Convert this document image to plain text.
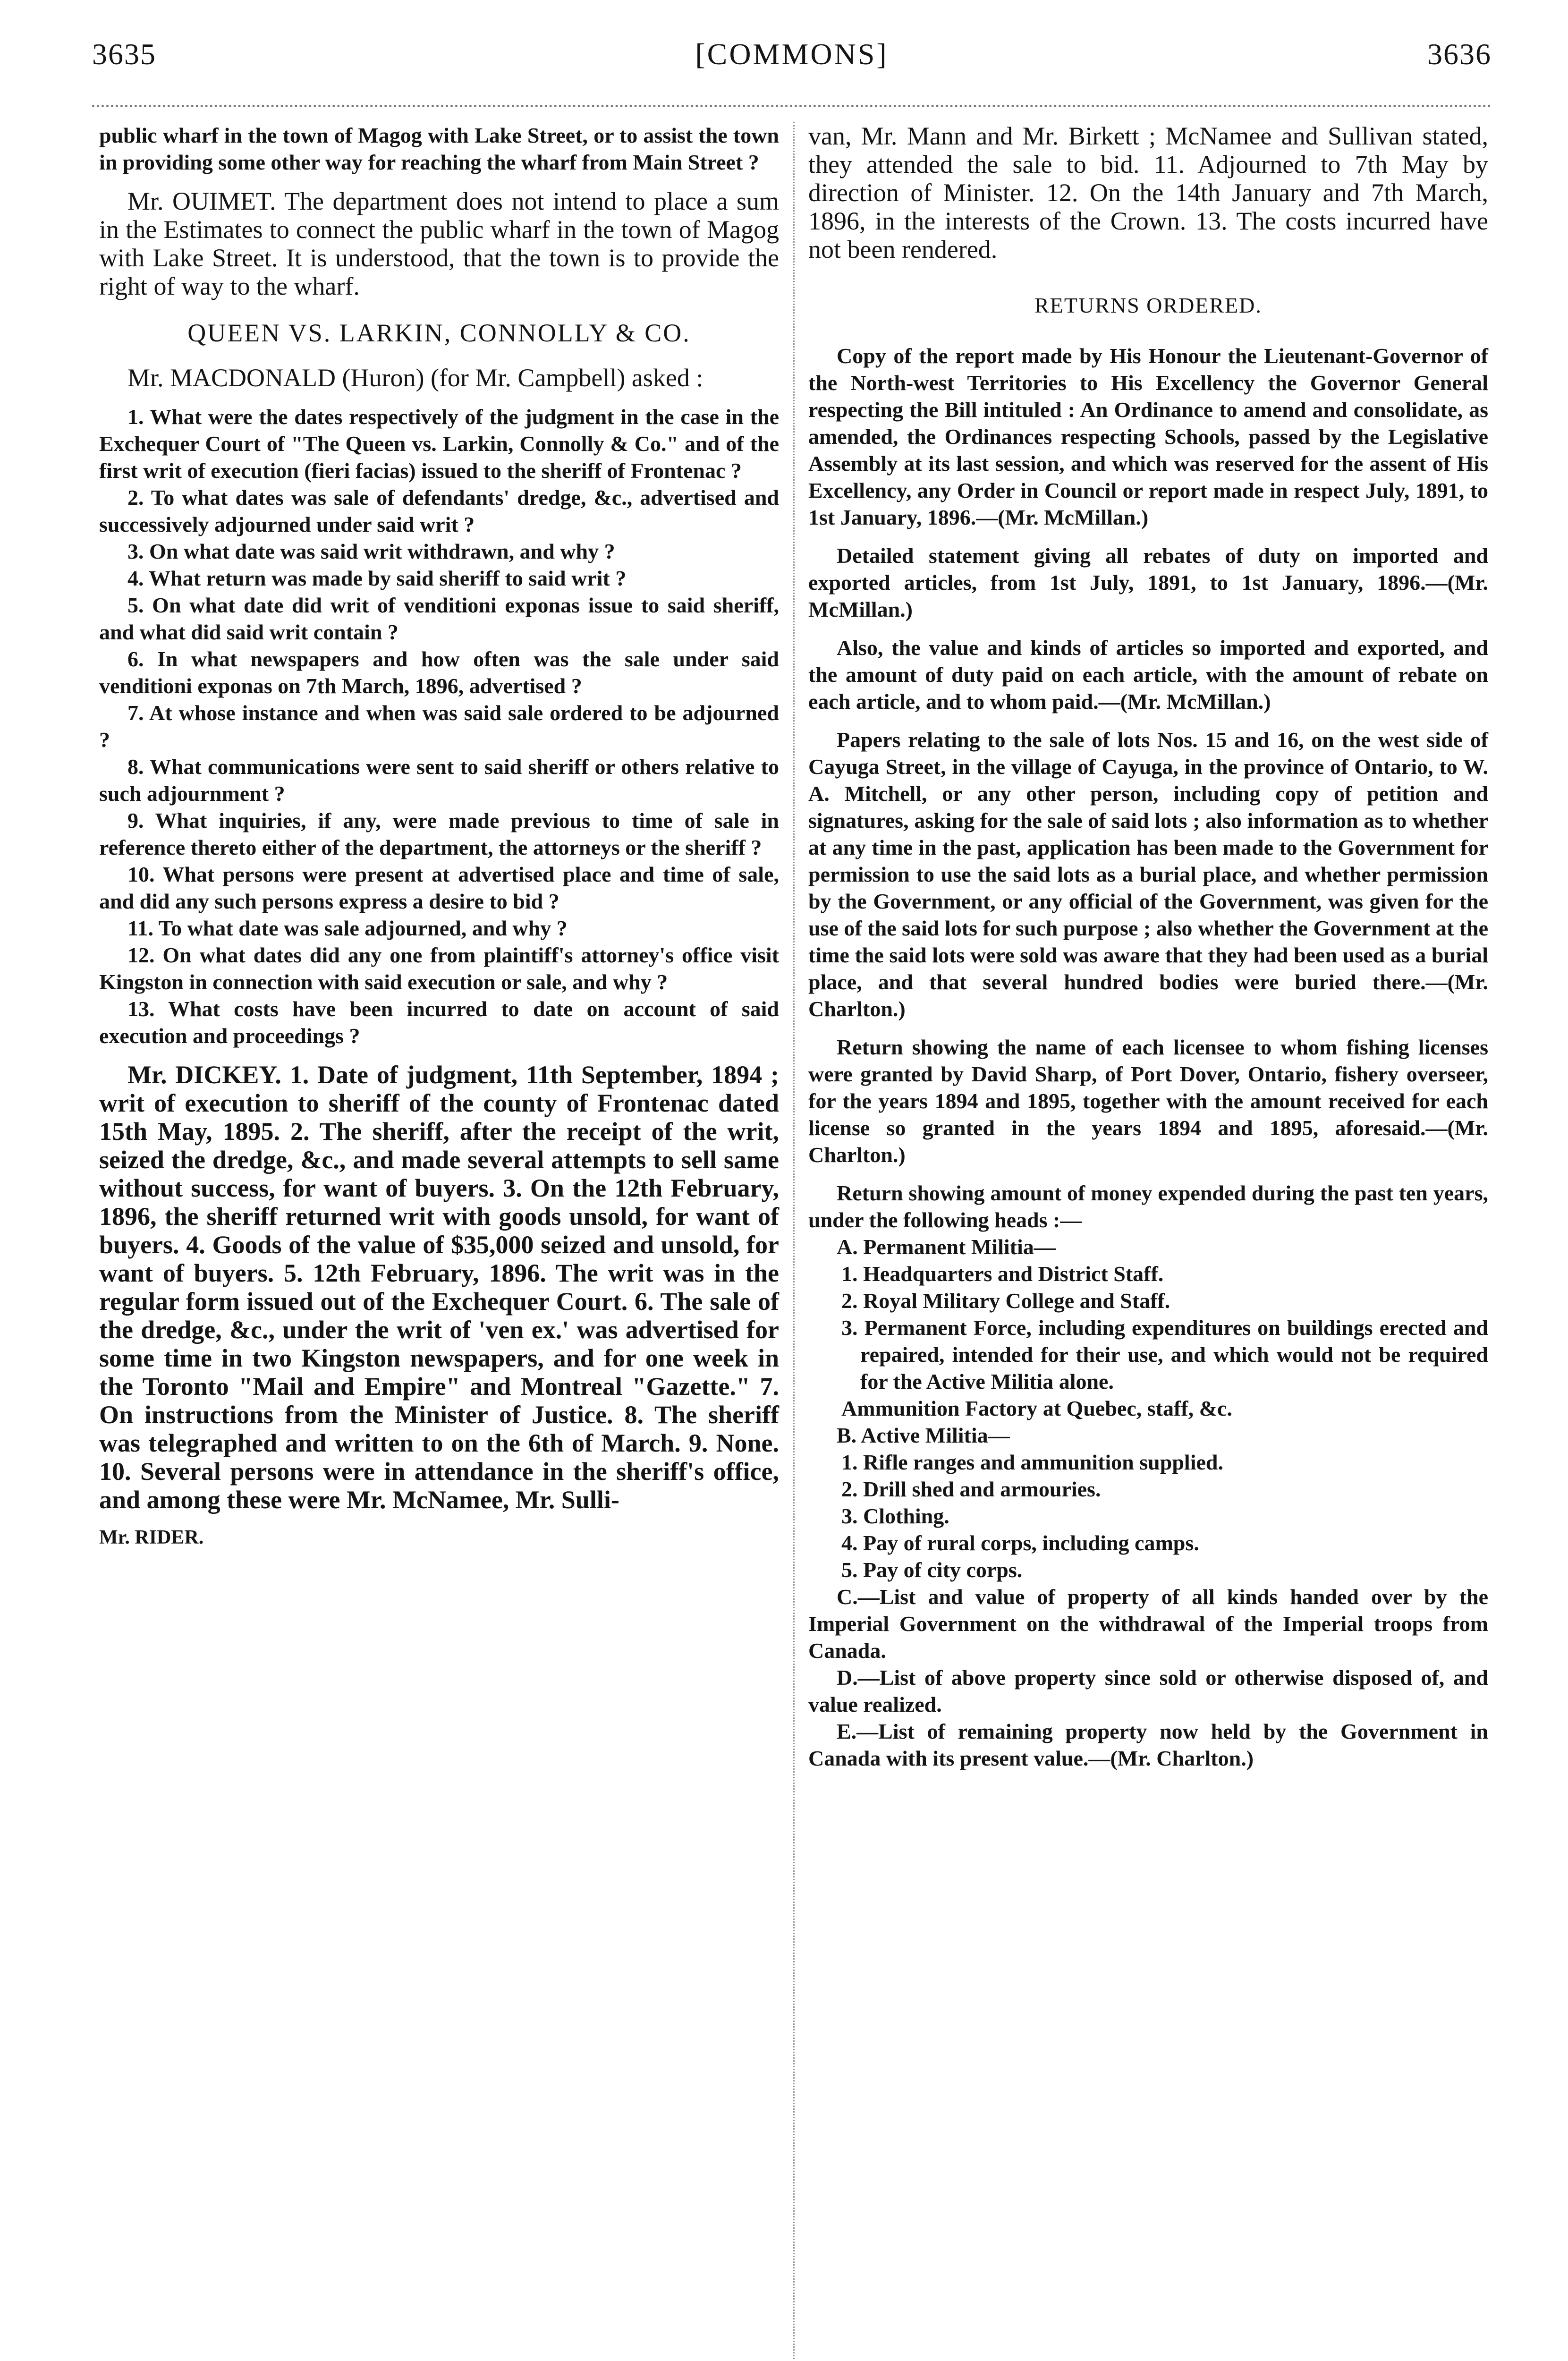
3635	[COMMONS]	3636

public wharf in the town of Magog with Lake Street, or to assist the town in providing some other way for reaching the wharf from Main Street ?

Mr. OUIMET. The department does not intend to place a sum in the Estimates to connect the public wharf in the town of Magog with Lake Street. It is understood, that the town is to provide the right of way to the wharf.

QUEEN VS. LARKIN, CONNOLLY & CO.

Mr. MACDONALD (Huron) (for Mr. Campbell) asked :

1. What were the dates respectively of the judgment in the case in the Exchequer Court of "The Queen vs. Larkin, Connolly & Co." and of the first writ of execution (fieri facias) issued to the sheriff of Frontenac ?

2. To what dates was sale of defendants' dredge, &c., advertised and successively adjourned under said writ ?

3. On what date was said writ withdrawn, and why ?

4. What return was made by said sheriff to said writ ?

5. On what date did writ of venditioni exponas issue to said sheriff, and what did said writ contain ?

6. In what newspapers and how often was the sale under said venditioni exponas on 7th March, 1896, advertised ?

7. At whose instance and when was said sale ordered to be adjourned ?

8. What communications were sent to said sheriff or others relative to such adjournment ?

9. What inquiries, if any, were made previous to time of sale in reference thereto either of the department, the attorneys or the sheriff ?

10. What persons were present at advertised place and time of sale, and did any such persons express a desire to bid ?

11. To what date was sale adjourned, and why ?

12. On what dates did any one from plaintiff's attorney's office visit Kingston in connection with said execution or sale, and why ?

13. What costs have been incurred to date on account of said execution and proceedings ?

Mr. DICKEY. 1. Date of judgment, 11th September, 1894 ; writ of execution to sheriff of the county of Frontenac dated 15th May, 1895. 2. The sheriff, after the receipt of the writ, seized the dredge, &c., and made several attempts to sell same without success, for want of buyers. 3. On the 12th February, 1896, the sheriff returned writ with goods unsold, for want of buyers. 4. Goods of the value of $35,000 seized and unsold, for want of buyers. 5. 12th February, 1896. The writ was in the regular form issued out of the Exchequer Court. 6. The sale of the dredge, &c., under the writ of 'ven ex.' was advertised for some time in two Kingston newspapers, and for one week in the Toronto "Mail and Empire" and Montreal "Gazette." 7. On instructions from the Minister of Justice. 8. The sheriff was telegraphed and written to on the 6th of March. 9. None. 10. Several persons were in attendance in the sheriff's office, and among these were Mr. McNamee, Mr. Sulli-

Mr. RIDER.

van, Mr. Mann and Mr. Birkett ; McNamee and Sullivan stated, they attended the sale to bid. 11. Adjourned to 7th May by direction of Minister. 12. On the 14th January and 7th March, 1896, in the interests of the Crown. 13. The costs incurred have not been rendered.

RETURNS ORDERED.

Copy of the report made by His Honour the Lieutenant-Governor of the North-west Territories to His Excellency the Governor General respecting the Bill intituled : An Ordinance to amend and consolidate, as amended, the Ordinances respecting Schools, passed by the Legislative Assembly at its last session, and which was reserved for the assent of His Excellency, any Order in Council or report made in respect July, 1891, to 1st January, 1896.—(Mr. McMillan.)

Detailed statement giving all rebates of duty on imported and exported articles, from 1st July, 1891, to 1st January, 1896.—(Mr. McMillan.)

Also, the value and kinds of articles so imported and exported, and the amount of duty paid on each article, with the amount of rebate on each article, and to whom paid.—(Mr. McMillan.)

Papers relating to the sale of lots Nos. 15 and 16, on the west side of Cayuga Street, in the village of Cayuga, in the province of Ontario, to W. A. Mitchell, or any other person, including copy of petition and signatures, asking for the sale of said lots ; also information as to whether at any time in the past, application has been made to the Government for permission to use the said lots as a burial place, and whether permission by the Government, or any official of the Government, was given for the use of the said lots for such purpose ; also whether the Government at the time the said lots were sold was aware that they had been used as a burial place, and that several hundred bodies were buried there.—(Mr. Charlton.)

Return showing the name of each licensee to whom fishing licenses were granted by David Sharp, of Port Dover, Ontario, fishery overseer, for the years 1894 and 1895, together with the amount received for each license so granted in the years 1894 and 1895, aforesaid.—(Mr. Charlton.)

Return showing amount of money expended during the past ten years, under the following heads :—

A. Permanent Militia—

1. Headquarters and District Staff.

2. Royal Military College and Staff.

3. Permanent Force, including expenditures on buildings erected and repaired, intended for their use, and which would not be required for the Active Militia alone.

Ammunition Factory at Quebec, staff, &c.

B. Active Militia—

1. Rifle ranges and ammunition supplied.

2. Drill shed and armouries.

3. Clothing.

4. Pay of rural corps, including camps.

5. Pay of city corps.

C.—List and value of property of all kinds handed over by the Imperial Government on the withdrawal of the Imperial troops from Canada.

D.—List of above property since sold or otherwise disposed of, and value realized.

E.—List of remaining property now held by the Government in Canada with its present value.—(Mr. Charlton.)
